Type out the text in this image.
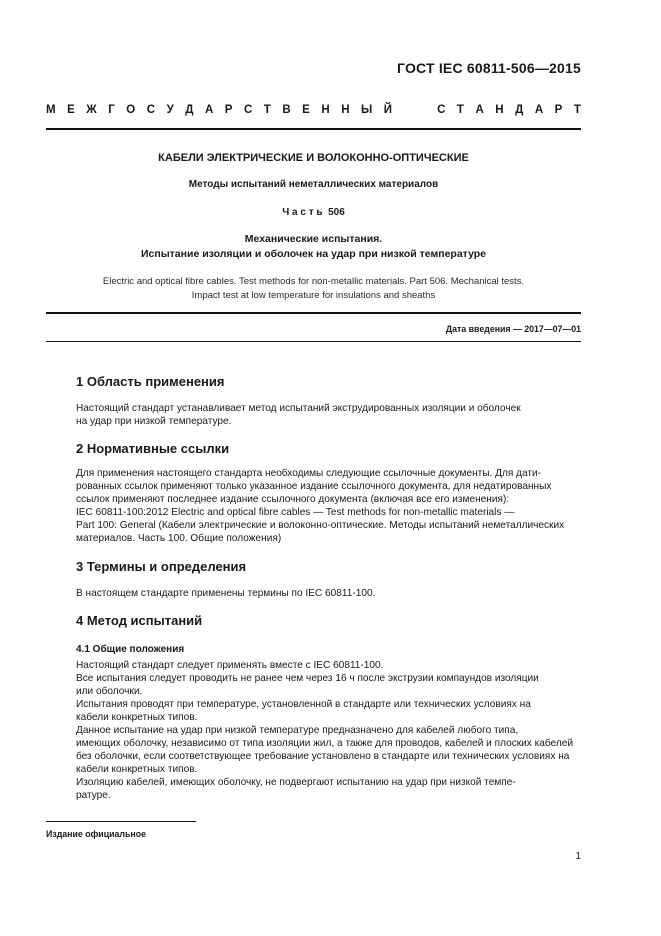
ГОСТ IEC 60811-506—2015
М Е Ж Г О С У Д А Р С Т В Е Н Н Ы Й	С Т А Н Д А Р Т
КАБЕЛИ ЭЛЕКТРИЧЕСКИЕ И ВОЛОКОННО-ОПТИЧЕСКИЕ
Методы испытаний неметаллических материалов
Ч а с т ь  506
Механические испытания.
Испытание изоляции и оболочек на удар при низкой температуре
Electric and optical fibre cables. Test methods for non-metallic materials. Part 506. Mechanical tests.
Impact test at low temperature for insulations and sheaths
Дата введения — 2017—07—01
1 Область применения
Настоящий стандарт устанавливает метод испытаний экструдированных изоляции и оболочек
на удар при низкой температуре.
2 Нормативные ссылки
Для применения настоящего стандарта необходимы следующие ссылочные документы. Для дати-
рованных ссылок применяют только указанное издание ссылочного документа, для недатированных
ссылок применяют последнее издание ссылочного документа (включая все его изменения):
IEC 60811-100:2012 Electric and optical fibre cables — Test methods for non-metallic materials —
Part 100: General (Кабели электрические и волоконно-оптические. Методы испытаний неметаллических
материалов. Часть 100. Общие положения)
3 Термины и определения
В настоящем стандарте применены термины по IEC 60811-100.
4 Метод испытаний
4.1 Общие положения
Настоящий стандарт следует применять вместе с IEC 60811-100.
Все испытания следует проводить не ранее чем через 16 ч после экструзии компаундов изоляции
или оболочки.
Испытания проводят при температуре, установленной в стандарте или технических условиях на
кабели конкретных типов.
Данное испытание на удар при низкой температуре предназначено для кабелей любого типа,
имеющих оболочку, независимо от типа изоляции жил, а также для проводов, кабелей и плоских кабелей
без оболочки, если соответствующее требование установлено в стандарте или технических условиях на
кабели конкретных типов.
Изоляцию кабелей, имеющих оболочку, не подвергают испытанию на удар при низкой темпе-
ратуре.
Издание официальное
1
